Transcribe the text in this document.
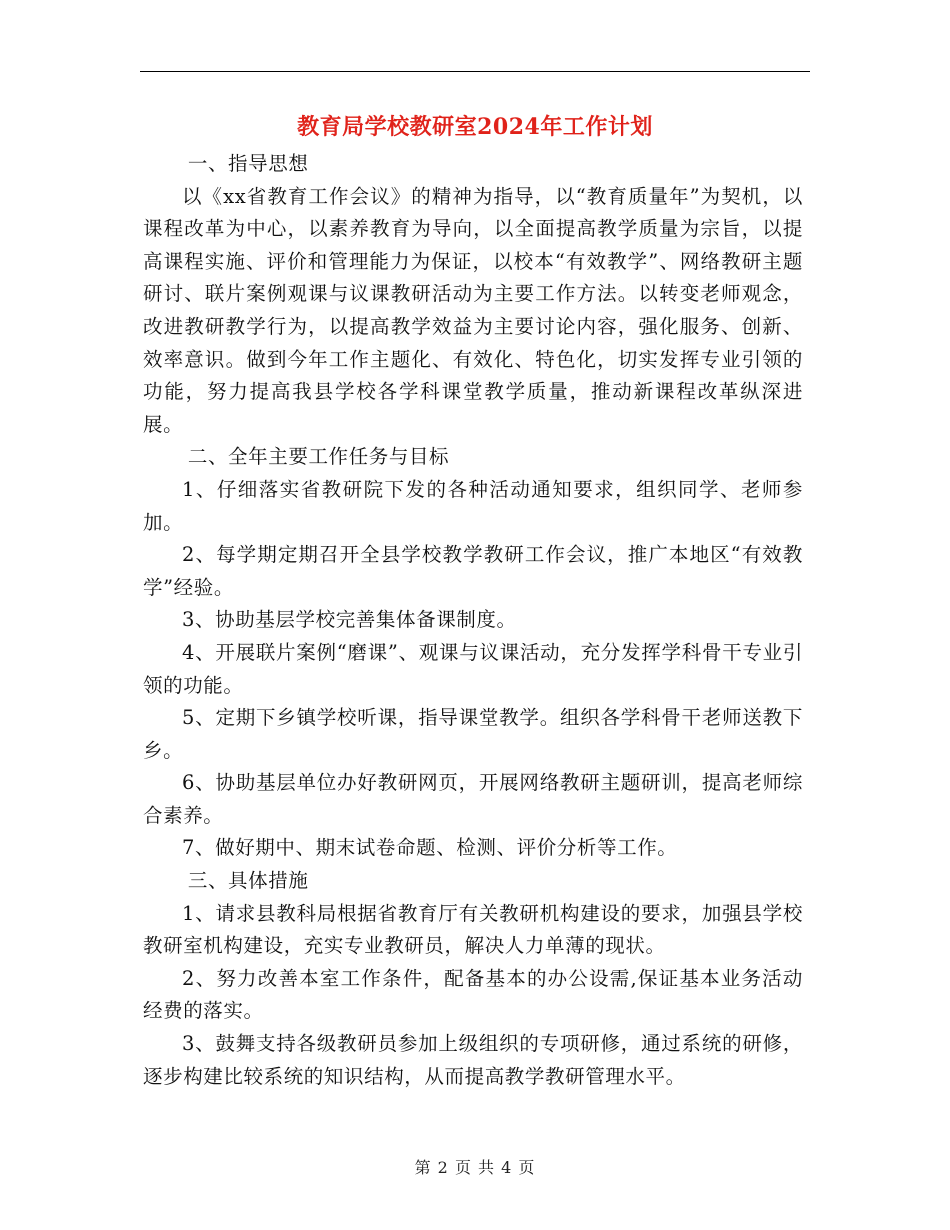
教育局学校教研室2024年工作计划

一、指导思想

以《xx省教育工作会议》的精神为指导，以“教育质量年”为契机，以课程改革为中心，以素养教育为导向，以全面提高教学质量为宗旨，以提高课程实施、评价和管理能力为保证，以校本“有效教学”、网络教研主题研讨、联片案例观课与议课教研活动为主要工作方法。以转变老师观念，改进教研教学行为，以提高教学效益为主要讨论内容，强化服务、创新、效率意识。做到今年工作主题化、有效化、特色化，切实发挥专业引领的功能，努力提高我县学校各学科课堂教学质量，推动新课程改革纵深进展。

二、全年主要工作任务与目标

1、仔细落实省教研院下发的各种活动通知要求，组织同学、老师参加。

2、每学期定期召开全县学校教学教研工作会议，推广本地区“有效教学”经验。

3、协助基层学校完善集体备课制度。

4、开展联片案例“磨课”、观课与议课活动，充分发挥学科骨干专业引领的功能。

5、定期下乡镇学校听课，指导课堂教学。组织各学科骨干老师送教下乡。

6、协助基层单位办好教研网页，开展网络教研主题研训，提高老师综合素养。

7、做好期中、期末试卷命题、检测、评价分析等工作。

三、具体措施

1、请求县教科局根据省教育厅有关教研机构建设的要求，加强县学校教研室机构建设，充实专业教研员，解决人力单薄的现状。

2、努力改善本室工作条件，配备基本的办公设需,保证基本业务活动经费的落实。

3、鼓舞支持各级教研员参加上级组织的专项研修，通过系统的研修，逐步构建比较系统的知识结构，从而提高教学教研管理水平。

第 2 页 共 4 页
